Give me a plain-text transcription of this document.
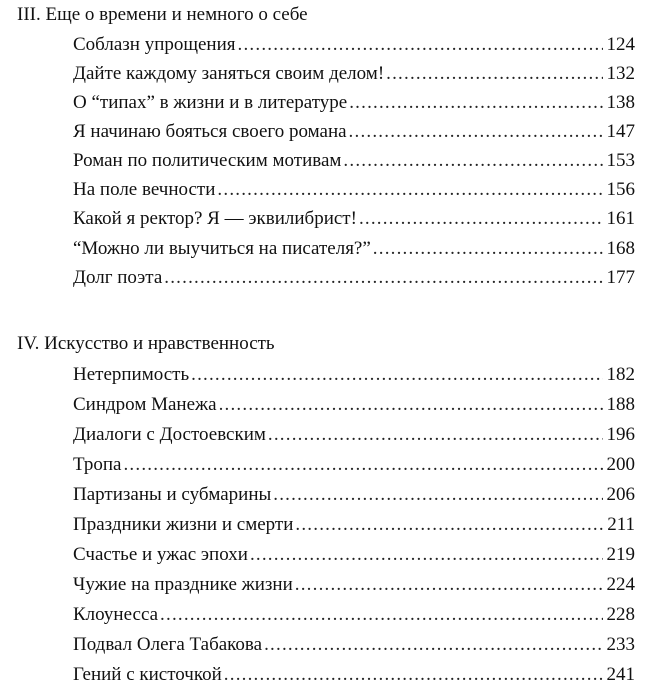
III. Еще о времени и немного о себе
Соблазн упрощения .....	124
Дайте каждому заняться своим делом! .....	132
О “типах” в жизни и в литературе .....	138
Я начинаю бояться своего романа .....	147
Роман по политическим мотивам .....	153
На поле вечности .....	156
Какой я ректор? Я — эквилибрист! .....	161
“Можно ли выучиться на писателя?” .....	168
Долг поэта .....	177
IV. Искусство и нравственность
Нетерпимость .....	182
Синдром Манежа .....	188
Диалоги с Достоевским .....	196
Тропа .....	200
Партизаны и субмарины .....	206
Праздники жизни и смерти .....	211
Счастье и ужас эпохи .....	219
Чужие на празднике жизни .....	224
Клоунесса .....	228
Подвал Олега Табакова .....	233
Гений с кисточкой .....	241
